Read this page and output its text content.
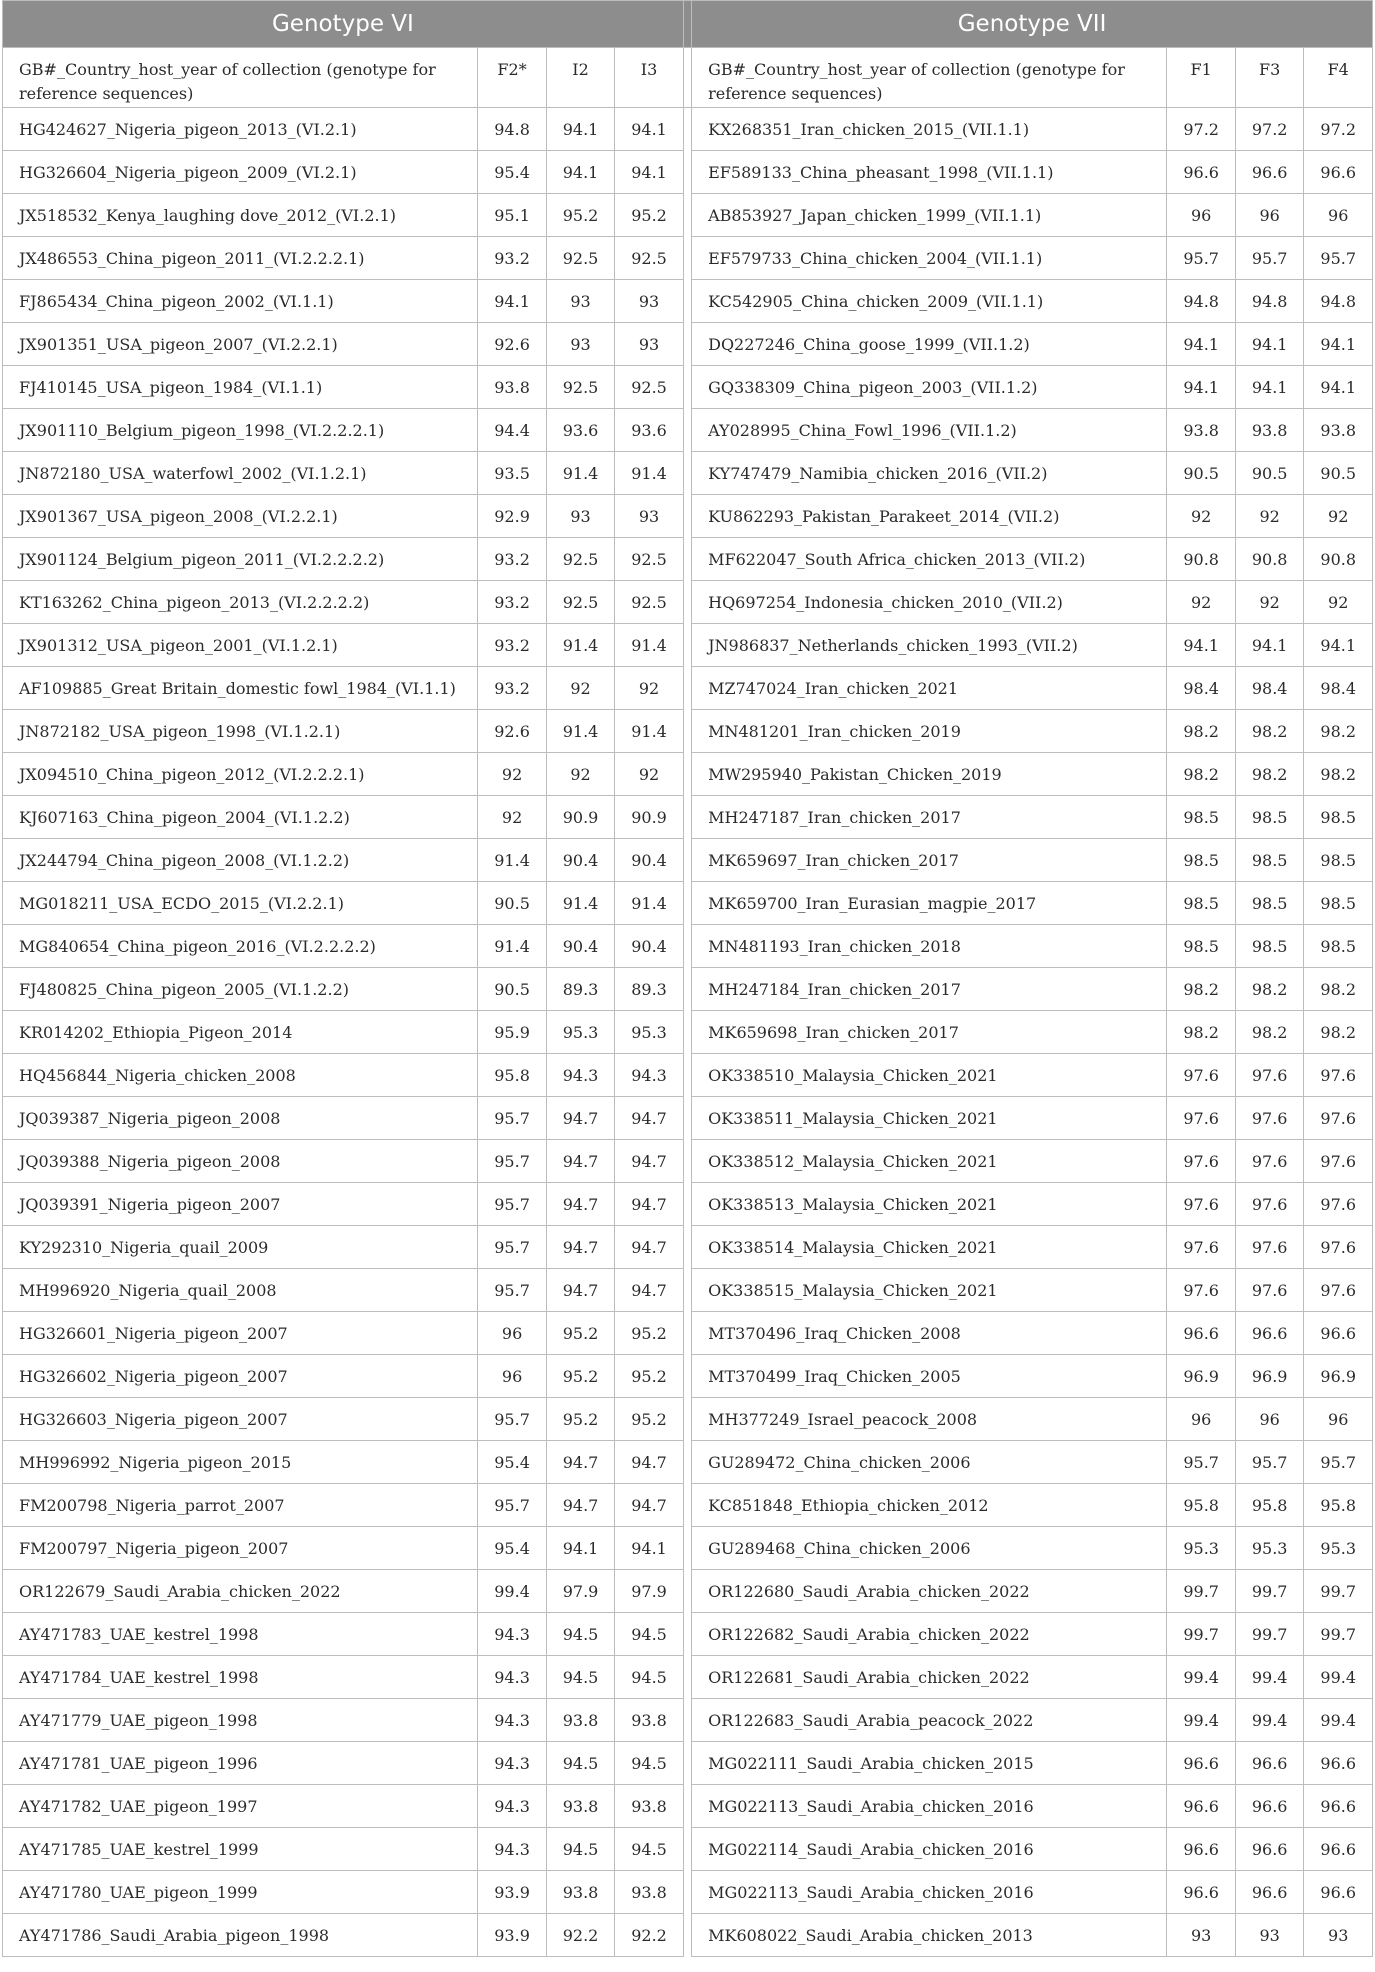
Genotype VI					Genotype VII			
GB#_Country_host_year of collection (genotype for reference sequences)	F2*	I2	I3		GB#_Country_host_year of collection (genotype for reference sequences)	F1	F3	F4
HG424627_Nigeria_pigeon_2013_(VI.2.1)	94.8	94.1	94.1		KX268351_Iran_chicken_2015_(VII.1.1)	97.2	97.2	97.2
HG326604_Nigeria_pigeon_2009_(VI.2.1)	95.4	94.1	94.1		EF589133_China_pheasant_1998_(VII.1.1)	96.6	96.6	96.6
JX518532_Kenya_laughing dove_2012_(VI.2.1)	95.1	95.2	95.2		AB853927_Japan_chicken_1999_(VII.1.1)	96	96	96
JX486553_China_pigeon_2011_(VI.2.2.2.1)	93.2	92.5	92.5		EF579733_China_chicken_2004_(VII.1.1)	95.7	95.7	95.7
FJ865434_China_pigeon_2002_(VI.1.1)	94.1	93	93		KC542905_China_chicken_2009_(VII.1.1)	94.8	94.8	94.8
JX901351_USA_pigeon_2007_(VI.2.2.1)	92.6	93	93		DQ227246_China_goose_1999_(VII.1.2)	94.1	94.1	94.1
FJ410145_USA_pigeon_1984_(VI.1.1)	93.8	92.5	92.5		GQ338309_China_pigeon_2003_(VII.1.2)	94.1	94.1	94.1
JX901110_Belgium_pigeon_1998_(VI.2.2.2.1)	94.4	93.6	93.6		AY028995_China_Fowl_1996_(VII.1.2)	93.8	93.8	93.8
JN872180_USA_waterfowl_2002_(VI.1.2.1)	93.5	91.4	91.4		KY747479_Namibia_chicken_2016_(VII.2)	90.5	90.5	90.5
JX901367_USA_pigeon_2008_(VI.2.2.1)	92.9	93	93		KU862293_Pakistan_Parakeet_2014_(VII.2)	92	92	92
JX901124_Belgium_pigeon_2011_(VI.2.2.2.2)	93.2	92.5	92.5		MF622047_South Africa_chicken_2013_(VII.2)	90.8	90.8	90.8
KT163262_China_pigeon_2013_(VI.2.2.2.2)	93.2	92.5	92.5		HQ697254_Indonesia_chicken_2010_(VII.2)	92	92	92
JX901312_USA_pigeon_2001_(VI.1.2.1)	93.2	91.4	91.4		JN986837_Netherlands_chicken_1993_(VII.2)	94.1	94.1	94.1
AF109885_Great Britain_domestic fowl_1984_(VI.1.1)	93.2	92	92		MZ747024_Iran_chicken_2021	98.4	98.4	98.4
JN872182_USA_pigeon_1998_(VI.1.2.1)	92.6	91.4	91.4		MN481201_Iran_chicken_2019	98.2	98.2	98.2
JX094510_China_pigeon_2012_(VI.2.2.2.1)	92	92	92		MW295940_Pakistan_Chicken_2019	98.2	98.2	98.2
KJ607163_China_pigeon_2004_(VI.1.2.2)	92	90.9	90.9		MH247187_Iran_chicken_2017	98.5	98.5	98.5
JX244794_China_pigeon_2008_(VI.1.2.2)	91.4	90.4	90.4		MK659697_Iran_chicken_2017	98.5	98.5	98.5
MG018211_USA_ECDO_2015_(VI.2.2.1)	90.5	91.4	91.4		MK659700_Iran_Eurasian_magpie_2017	98.5	98.5	98.5
MG840654_China_pigeon_2016_(VI.2.2.2.2)	91.4	90.4	90.4		MN481193_Iran_chicken_2018	98.5	98.5	98.5
FJ480825_China_pigeon_2005_(VI.1.2.2)	90.5	89.3	89.3		MH247184_Iran_chicken_2017	98.2	98.2	98.2
KR014202_Ethiopia_Pigeon_2014	95.9	95.3	95.3		MK659698_Iran_chicken_2017	98.2	98.2	98.2
HQ456844_Nigeria_chicken_2008	95.8	94.3	94.3		OK338510_Malaysia_Chicken_2021	97.6	97.6	97.6
JQ039387_Nigeria_pigeon_2008	95.7	94.7	94.7		OK338511_Malaysia_Chicken_2021	97.6	97.6	97.6
JQ039388_Nigeria_pigeon_2008	95.7	94.7	94.7		OK338512_Malaysia_Chicken_2021	97.6	97.6	97.6
JQ039391_Nigeria_pigeon_2007	95.7	94.7	94.7		OK338513_Malaysia_Chicken_2021	97.6	97.6	97.6
KY292310_Nigeria_quail_2009	95.7	94.7	94.7		OK338514_Malaysia_Chicken_2021	97.6	97.6	97.6
MH996920_Nigeria_quail_2008	95.7	94.7	94.7		OK338515_Malaysia_Chicken_2021	97.6	97.6	97.6
HG326601_Nigeria_pigeon_2007	96	95.2	95.2		MT370496_Iraq_Chicken_2008	96.6	96.6	96.6
HG326602_Nigeria_pigeon_2007	96	95.2	95.2		MT370499_Iraq_Chicken_2005	96.9	96.9	96.9
HG326603_Nigeria_pigeon_2007	95.7	95.2	95.2		MH377249_Israel_peacock_2008	96	96	96
MH996992_Nigeria_pigeon_2015	95.4	94.7	94.7		GU289472_China_chicken_2006	95.7	95.7	95.7
FM200798_Nigeria_parrot_2007	95.7	94.7	94.7		KC851848_Ethiopia_chicken_2012	95.8	95.8	95.8
FM200797_Nigeria_pigeon_2007	95.4	94.1	94.1		GU289468_China_chicken_2006	95.3	95.3	95.3
OR122679_Saudi_Arabia_chicken_2022	99.4	97.9	97.9		OR122680_Saudi_Arabia_chicken_2022	99.7	99.7	99.7
AY471783_UAE_kestrel_1998	94.3	94.5	94.5		OR122682_Saudi_Arabia_chicken_2022	99.7	99.7	99.7
AY471784_UAE_kestrel_1998	94.3	94.5	94.5		OR122681_Saudi_Arabia_chicken_2022	99.4	99.4	99.4
AY471779_UAE_pigeon_1998	94.3	93.8	93.8		OR122683_Saudi_Arabia_peacock_2022	99.4	99.4	99.4
AY471781_UAE_pigeon_1996	94.3	94.5	94.5		MG022111_Saudi_Arabia_chicken_2015	96.6	96.6	96.6
AY471782_UAE_pigeon_1997	94.3	93.8	93.8		MG022113_Saudi_Arabia_chicken_2016	96.6	96.6	96.6
AY471785_UAE_kestrel_1999	94.3	94.5	94.5		MG022114_Saudi_Arabia_chicken_2016	96.6	96.6	96.6
AY471780_UAE_pigeon_1999	93.9	93.8	93.8		MG022113_Saudi_Arabia_chicken_2016	96.6	96.6	96.6
AY471786_Saudi_Arabia_pigeon_1998	93.9	92.2	92.2		MK608022_Saudi_Arabia_chicken_2013	93	93	93
